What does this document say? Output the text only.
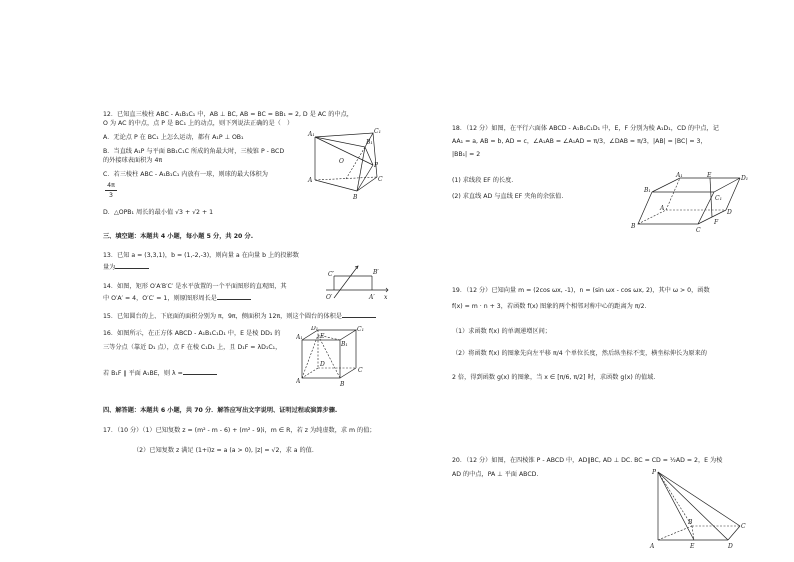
12．已知直三棱柱 ABC - A₁B₁C₁ 中，AB ⊥ BC, AB = BC = BB₁ = 2, D 是 AC 的中点，
O 为 AC 的中点，点 P 是 BC₁ 上的动点，则下列说法正确的是（　）
A．无论点 P 在 BC₁ 上怎么运动，都有 A₁P ⊥ OB₁
B．当直线 A₁P 与平面 BB₁C₁C 所成的角最大时，三棱锥 P - BCD
的外接球表面积为 4π
C．若三棱柱 ABC - A₁B₁C₁ 内放有一球，则球的最大体积为
$\frac{4\pi}{3}$
D．△OPB₁ 周长的最小值 √3 + √2 + 1
三、填空题：本题共 4 小题，每小题 5 分，共 20 分.
13．已知 a = (3,3,1)，b = (1,-2,-3)，则向量 a 在向量 b 上的投影数
量为
14．如图，矩形 O′A′B′C′ 是水平放置的一个平面图形的直观图，其
中 O′A′ = 4，O′C′ = 1，则原图形周长是
15．已知圆台的上、下底面的面积分别为 π，9π，侧面积为 12π，则这个圆台的体积是
16．如图所示，在正方体 ABCD - A₁B₁C₁D₁ 中，E 是棱 DD₁ 的
三等分点（靠近 D₁ 点），点 F 在棱 C₁D₁ 上，且 D₁F = λD₁C₁，
若 B₁F ∥ 平面 A₁BE，则 λ =
四、解答题：本题共 6 小题，共 70 分．解答应写出文字说明、证明过程或演算步骤.
17．（10 分）（1）已知复数 z = (m² - m - 6) + (m² - 9)i，m ∈ R，若 z 为纯虚数，求 m 的值；
（2）已知复数 z 满足 (1+i)z = a (a > 0), |z| = √2，求 a 的值.
A₁	C₁
B₁
A	C
B
O
P
C′	B′
O′	A′ x
A₁
D₁	C₁
B₁
E
A	B
C
D
18．（12 分）如图，在平行六面体 ABCD - A₁B₁C₁D₁ 中，E，F 分别为棱 A₁D₁，CD 的中点，记
AA₁ = a, AB = b, AD = c，∠A₁AB = ∠A₁AD = π/3，∠DAB = π/3，|AB| = |BC| = 3，
|BB₁| = 2
(1) 求线段 EF 的长度.
(2) 求直线 AD 与直线 EF 夹角的余弦值.
19．（12 分）已知向量 m = (2cos ωx, -1)，n = (sin ωx - cos ωx, 2)，其中 ω > 0，函数
f(x) = m · n + 3，若函数 f(x) 图象的两个相邻对称中心的距离为 π/2.
（1）求函数 f(x) 的单调递增区间；
（2）将函数 f(x) 的图象先向左平移 π/4 个单位长度，然后纵坐标不变，横坐标伸长为原来的
2 倍，得到函数 g(x) 的图象，当 x ∈ [π/6, π/2] 时，求函数 g(x) 的值域.
20．（12 分）如图，在四棱锥 P - ABCD 中，AD∥BC, AD ⊥ DC. BC = CD = ½AD = 2，E 为棱
AD 的中点，PA ⊥ 平面 ABCD.
B₁
A₁	E	D₁
C₁
A
B
C
F
D
P
A	E	D
C
B
